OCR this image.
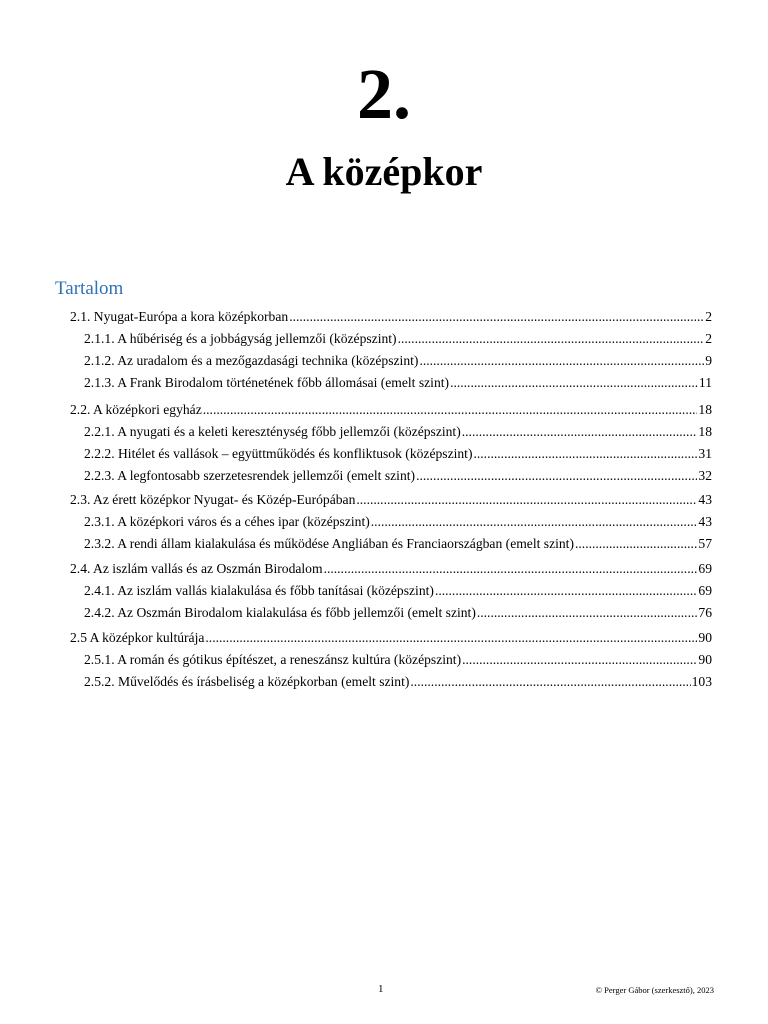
2.
A középkor
Tartalom
2.1. Nyugat-Európa a kora középkorban .....	2
2.1.1. A hűbériség és a jobbágyság jellemzői (középszint) .....	2
2.1.2. Az uradalom és a mezőgazdasági technika (középszint) .....	9
2.1.3. A Frank Birodalom történetének főbb állomásai (emelt szint) .....	11
2.2. A középkori egyház .....	18
2.2.1. A nyugati és a keleti kereszténység főbb jellemzői (középszint) .....	18
2.2.2. Hitélet és vallások – együttműködés és konfliktusok (középszint) .....	31
2.2.3. A legfontosabb szerzetesrendek jellemzői (emelt szint) .....	32
2.3. Az érett középkor Nyugat- és Közép-Európában .....	43
2.3.1. A középkori város és a céhes ipar (középszint) .....	43
2.3.2. A rendi állam kialakulása és működése Angliában és Franciaországban (emelt szint) .....	57
2.4. Az iszlám vallás és az Oszmán Birodalom .....	69
2.4.1. Az iszlám vallás kialakulása és főbb tanításai (középszint) .....	69
2.4.2. Az Oszmán Birodalom kialakulása és főbb jellemzői (emelt szint) .....	76
2.5 A középkor kultúrája .....	90
2.5.1. A román és gótikus építészet, a reneszánsz kultúra (középszint) .....	90
2.5.2. Művelődés és írásbeliség a középkorban (emelt szint) .....	103
1	© Perger Gábor (szerkesztő), 2023
